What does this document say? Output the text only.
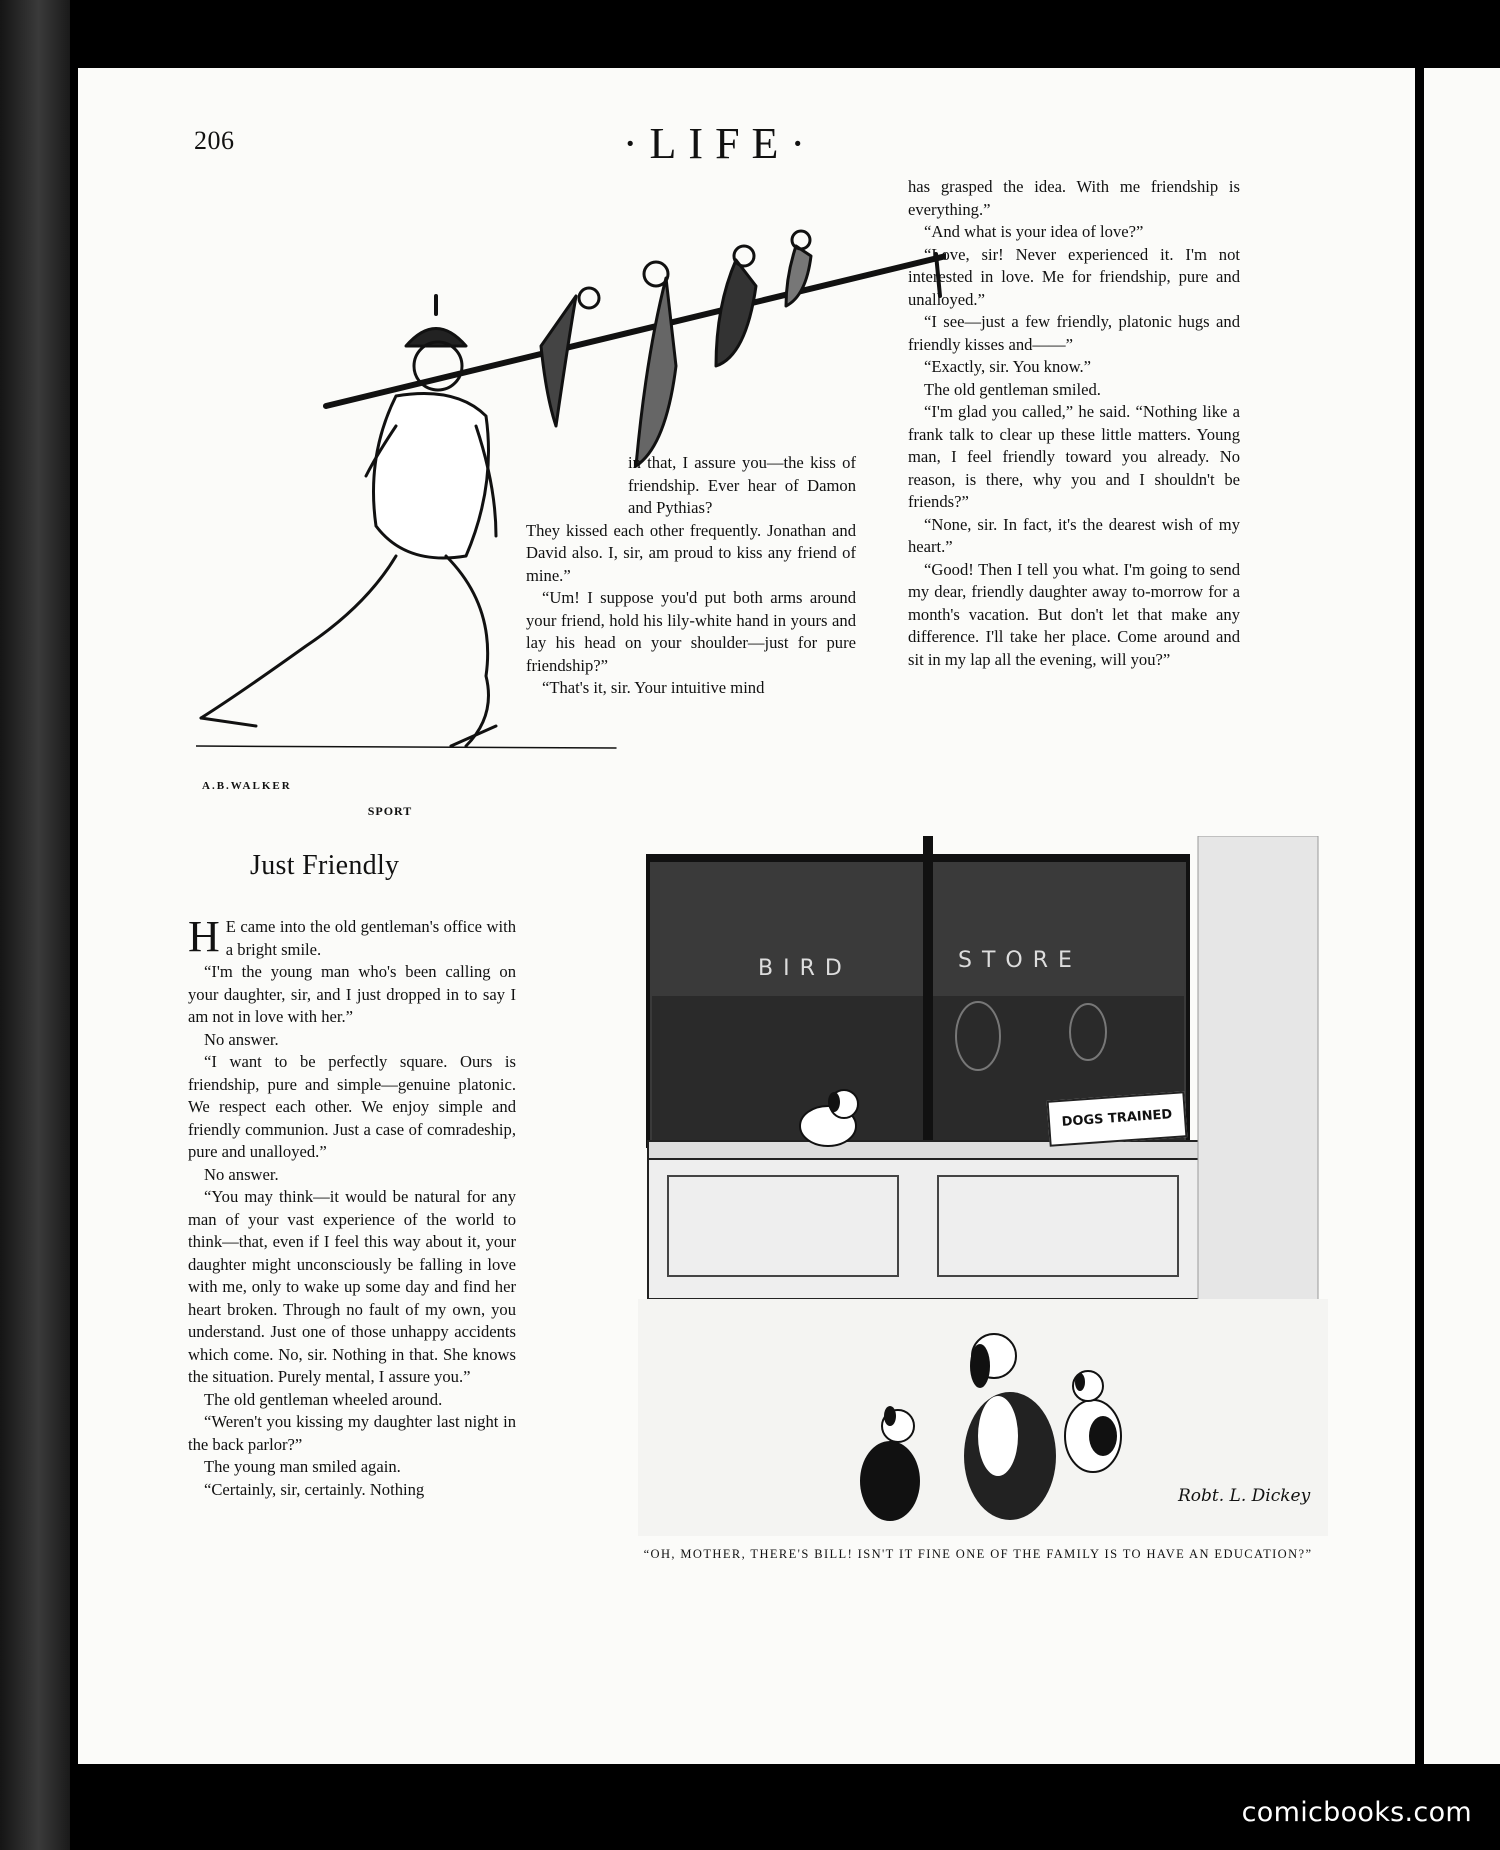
206	·LIFE·
A.B.WALKER
SPORT
Just Friendly

H E came into the old gentleman's office with a bright smile.

“I'm the young man who's been calling on your daughter, sir, and I just dropped in to say I am not in love with her.”

No answer.

“I want to be perfectly square. Ours is friendship, pure and simple—genuine platonic. We respect each other. We enjoy simple and friendly communion. Just a case of comradeship, pure and unalloyed.”

No answer.

“You may think—it would be natural for any man of your vast experience of the world to think—that, even if I feel this way about it, your daughter might unconsciously be falling in love with me, only to wake up some day and find her heart broken. Through no fault of my own, you understand. Just one of those unhappy accidents which come. No, sir. Nothing in that. She knows the situation. Purely mental, I assure you.”

The old gentleman wheeled around.

“Weren't you kissing my daughter last night in the back parlor?”

The young man smiled again.

“Certainly, sir, certainly. Nothing

in that, I assure you—the kiss of friendship. Ever hear of Damon and Pythias?

They kissed each other frequently. Jonathan and David also. I, sir, am proud to kiss any friend of mine.”

“Um! I suppose you'd put both arms around your friend, hold his lily-white hand in yours and lay his head on your shoulder—just for pure friendship?”

“That's it, sir. Your intuitive mind

has grasped the idea. With me friendship is everything.”

“And what is your idea of love?”

“Love, sir! Never experienced it. I'm not interested in love. Me for friendship, pure and unalloyed.”

“I see—just a few friendly, platonic hugs and friendly kisses and——”

“Exactly, sir. You know.”

The old gentleman smiled.

“I'm glad you called,” he said. “Nothing like a frank talk to clear up these little matters. Young man, I feel friendly toward you already. No reason, is there, why you and I shouldn't be friends?”

“None, sir. In fact, it's the dearest wish of my heart.”

“Good! Then I tell you what. I'm going to send my dear, friendly daughter away to-morrow for a month's vacation. But don't let that make any difference. I'll take her place. Come around and sit in my lap all the evening, will you?”

BIRD	STORE
DOGS TRAINED
Robt. L. Dickey
“OH, MOTHER, THERE'S BILL! ISN'T IT FINE ONE OF THE FAMILY IS TO HAVE AN EDUCATION?”
comicbooks.com
